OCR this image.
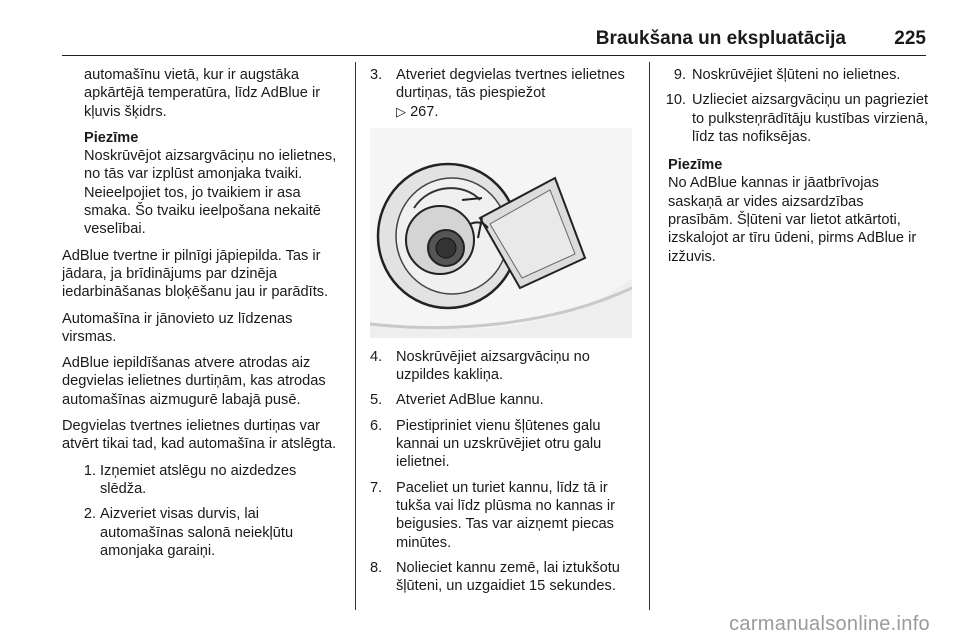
Braukšana un ekspluatācija	225

automašīnu vietā, kur ir augstāka apkārtējā temperatūra, līdz AdBlue ir kļuvis šķidrs.

Piezīme

Noskrūvējot aizsargvāciņu no ielietnes, no tās var izplūst amonjaka tvaiki. Neieelpojiet tos, jo tvaikiem ir asa smaka. Šo tvaiku ieelpošana nekaitē veselībai.

AdBlue tvertne ir pilnīgi jāpiepilda. Tas ir jādara, ja brīdinājums par dzinēja iedarbināšanas bloķēšanu jau ir parādīts.

Automašīna ir jānovieto uz līdzenas virsmas.

AdBlue iepildīšanas atvere atrodas aiz degvielas ielietnes durtiņām, kas atrodas automašīnas aizmugurē labajā pusē.

Degvielas tvertnes ielietnes durtiņas var atvērt tikai tad, kad automašīna ir atslēgta.

1. Izņemiet atslēgu no aizdedzes slēdža.
2. Aizveriet visas durvis, lai automašīnas salonā neiekļūtu amonjaka garaiņi.
3. Atveriet degvielas tvertnes ielietnes durtiņas, tās piespiežot
▷ 267.
4. Noskrūvējiet aizsargvāciņu no uzpildes kakliņa.
5. Atveriet AdBlue kannu.
6. Piestipriniet vienu šļūtenes galu kannai un uzskrūvējiet otru galu ielietnei.
7. Paceliet un turiet kannu, līdz tā ir tukša vai līdz plūsma no kannas ir beigusies. Tas var aizņemt piecas minūtes.
8. Nolieciet kannu zemē, lai iztukšotu šļūteni, un uzgaidiet 15 sekundes.
9. Noskrūvējiet šļūteni no ielietnes.
10. Uzlieciet aizsargvāciņu un pagrieziet to pulksteņrādītāju kustības virzienā, līdz tas nofiksējas.

Piezīme

No AdBlue kannas ir jāatbrīvojas saskaņā ar vides aizsardzības prasībām. Šļūteni var lietot atkārtoti, izskalojot ar tīru ūdeni, pirms AdBlue ir izžuvis.

carmanualsonline.info
